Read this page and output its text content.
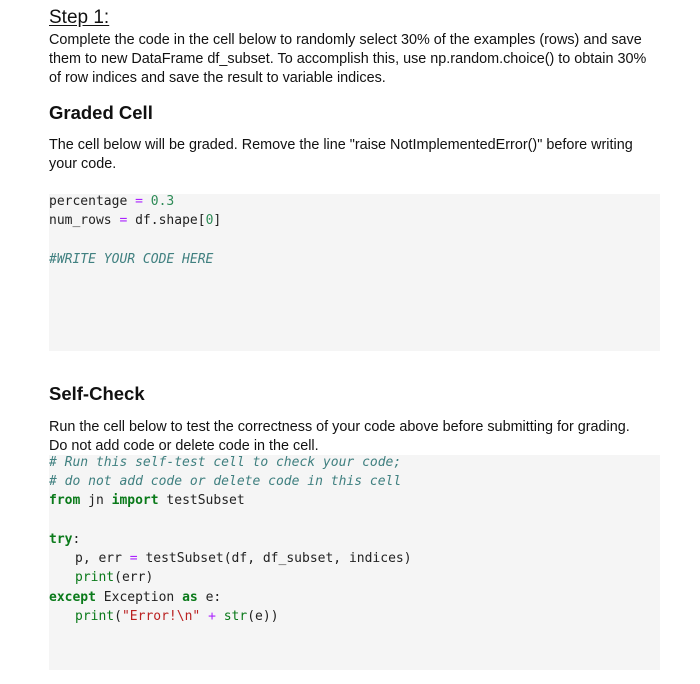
Step 1:

Complete the code in the cell below to randomly select 30% of the examples (rows) and save them to new DataFrame df_subset. To accomplish this, use np.random.choice() to obtain 30% of row indices and save the result to variable indices.

Graded Cell

The cell below will be graded. Remove the line "raise NotImplementedError()" before writing your code.

percentage = 0.3
num_rows = df.shape[0]
#WRITE YOUR CODE HERE
Self-Check

Run the cell below to test the correctness of your code above before submitting for grading. Do not add code or delete code in the cell.

# Run this self-test cell to check your code;
# do not add code or delete code in this cell
from jn import testSubset
try:
p, err = testSubset(df, df_subset, indices)
print(err)
except Exception as e:
print("Error!\n" + str(e))
